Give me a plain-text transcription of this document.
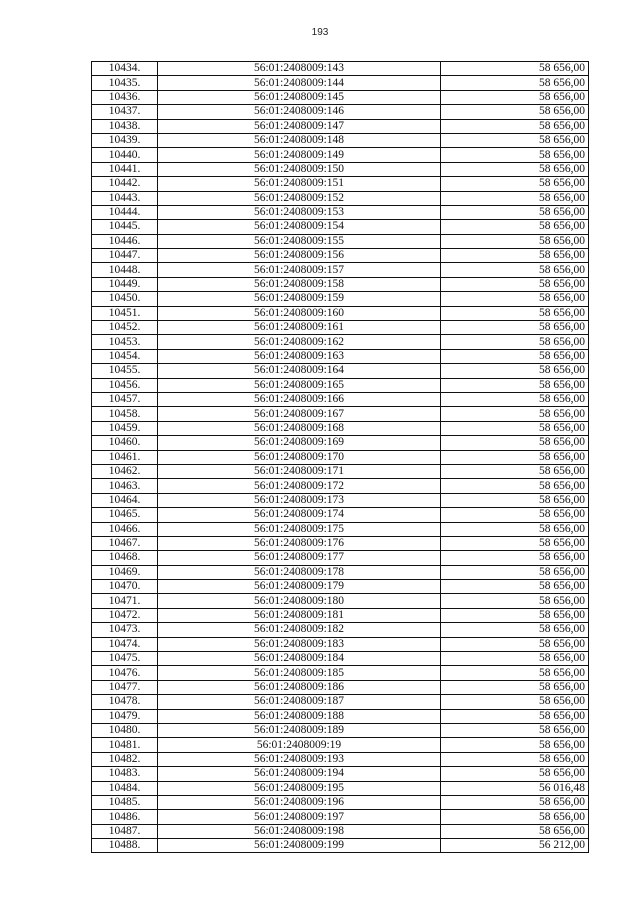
193
10434.	56:01:2408009:143	58 656,00
10435.	56:01:2408009:144	58 656,00
10436.	56:01:2408009:145	58 656,00
10437.	56:01:2408009:146	58 656,00
10438.	56:01:2408009:147	58 656,00
10439.	56:01:2408009:148	58 656,00
10440.	56:01:2408009:149	58 656,00
10441.	56:01:2408009:150	58 656,00
10442.	56:01:2408009:151	58 656,00
10443.	56:01:2408009:152	58 656,00
10444.	56:01:2408009:153	58 656,00
10445.	56:01:2408009:154	58 656,00
10446.	56:01:2408009:155	58 656,00
10447.	56:01:2408009:156	58 656,00
10448.	56:01:2408009:157	58 656,00
10449.	56:01:2408009:158	58 656,00
10450.	56:01:2408009:159	58 656,00
10451.	56:01:2408009:160	58 656,00
10452.	56:01:2408009:161	58 656,00
10453.	56:01:2408009:162	58 656,00
10454.	56:01:2408009:163	58 656,00
10455.	56:01:2408009:164	58 656,00
10456.	56:01:2408009:165	58 656,00
10457.	56:01:2408009:166	58 656,00
10458.	56:01:2408009:167	58 656,00
10459.	56:01:2408009:168	58 656,00
10460.	56:01:2408009:169	58 656,00
10461.	56:01:2408009:170	58 656,00
10462.	56:01:2408009:171	58 656,00
10463.	56:01:2408009:172	58 656,00
10464.	56:01:2408009:173	58 656,00
10465.	56:01:2408009:174	58 656,00
10466.	56:01:2408009:175	58 656,00
10467.	56:01:2408009:176	58 656,00
10468.	56:01:2408009:177	58 656,00
10469.	56:01:2408009:178	58 656,00
10470.	56:01:2408009:179	58 656,00
10471.	56:01:2408009:180	58 656,00
10472.	56:01:2408009:181	58 656,00
10473.	56:01:2408009:182	58 656,00
10474.	56:01:2408009:183	58 656,00
10475.	56:01:2408009:184	58 656,00
10476.	56:01:2408009:185	58 656,00
10477.	56:01:2408009:186	58 656,00
10478.	56:01:2408009:187	58 656,00
10479.	56:01:2408009:188	58 656,00
10480.	56:01:2408009:189	58 656,00
10481.	56:01:2408009:19	58 656,00
10482.	56:01:2408009:193	58 656,00
10483.	56:01:2408009:194	58 656,00
10484.	56:01:2408009:195	56 016,48
10485.	56:01:2408009:196	58 656,00
10486.	56:01:2408009:197	58 656,00
10487.	56:01:2408009:198	58 656,00
10488.	56:01:2408009:199	56 212,00
